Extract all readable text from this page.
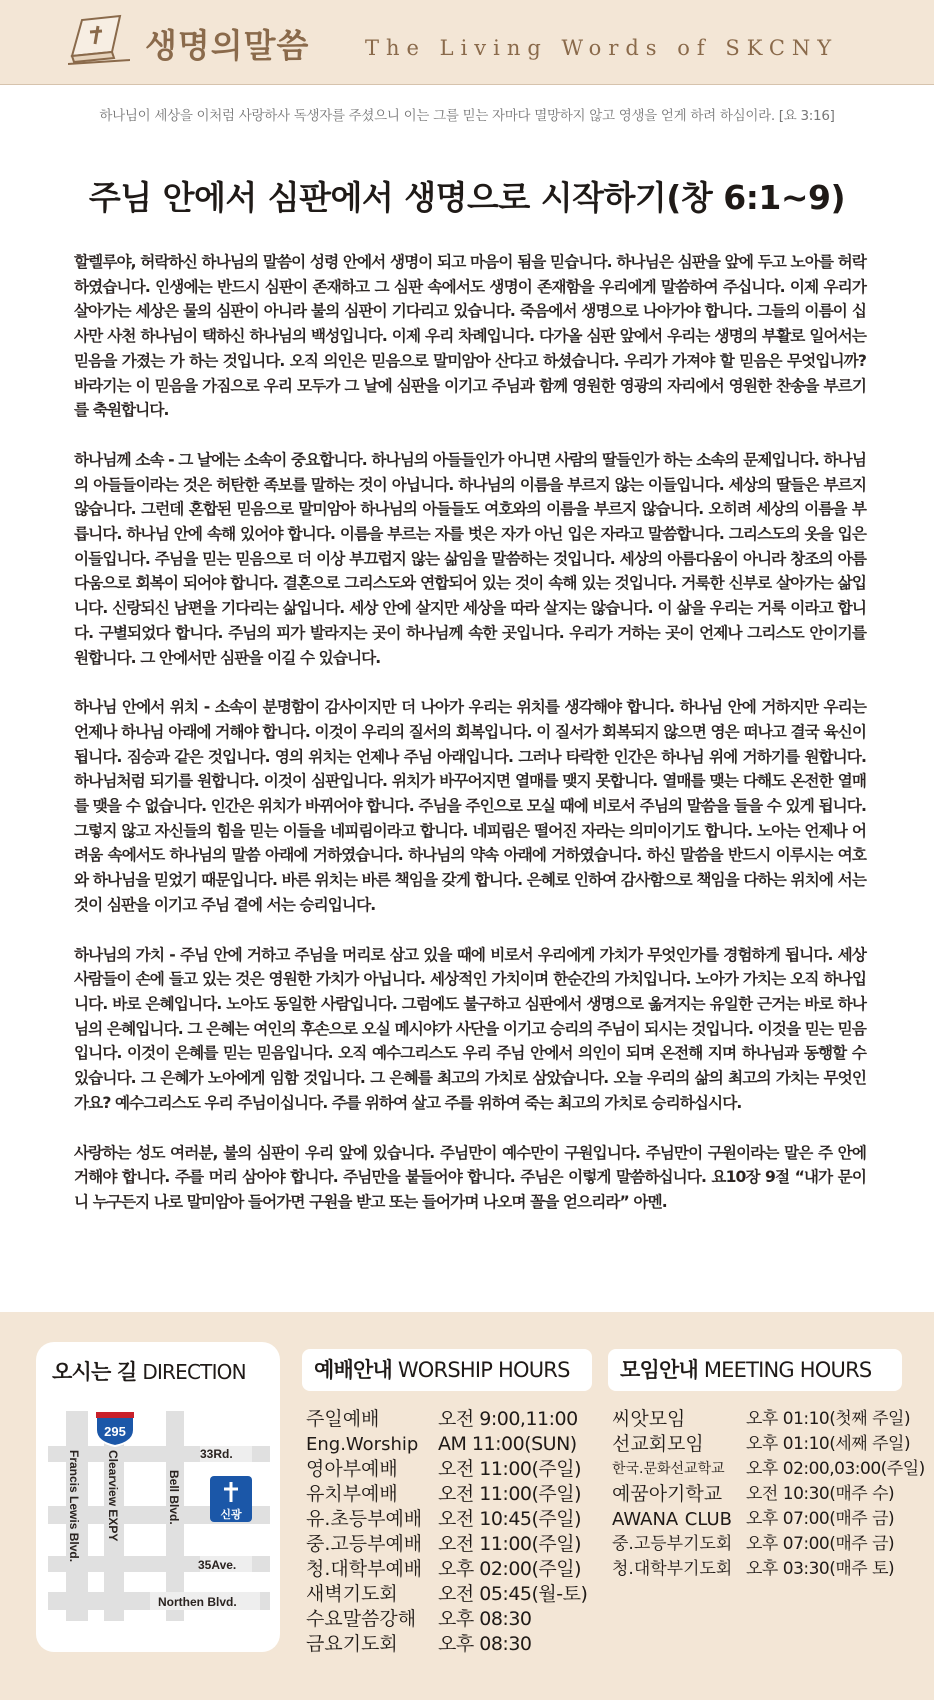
생명의말씀	The Living Words of SKCNY
하나님이 세상을 이처럼 사랑하사 독생자를 주셨으니 이는 그를 믿는 자마다 멸망하지 않고 영생을 얻게 하려 하심이라. [요 3:16]
주님 안에서 심판에서 생명으로 시작하기(창 6:1~9)

할렐루야, 허락하신 하나님의 말씀이 성령 안에서 생명이 되고 마음이 됨을 믿습니다. 하나님은 심판을 앞에 두고 노아를 허락하였습니다. 인생에는 반드시 심판이 존재하고 그 심판 속에서도 생명이 존재함을 우리에게 말씀하여 주십니다. 이제 우리가 살아가는 세상은 물의 심판이 아니라 불의 심판이 기다리고 있습니다. 죽음에서 생명으로 나아가야 합니다. 그들의 이름이 십사만 사천 하나님이 택하신 하나님의 백성입니다. 이제 우리 차례입니다. 다가올 심판 앞에서 우리는 생명의 부활로 일어서는 믿음을 가졌는 가 하는 것입니다. 오직 의인은 믿음으로 말미암아 산다고 하셨습니다. 우리가 가져야 할 믿음은 무엇입니까? 바라기는 이 믿음을 가짐으로 우리 모두가 그 날에 심판을 이기고 주님과 함께 영원한 영광의 자리에서 영원한 찬송을 부르기를 축원합니다.

하나님께 소속 - 그 날에는 소속이 중요합니다. 하나님의 아들들인가 아니면 사람의 딸들인가 하는 소속의 문제입니다. 하나님의 아들들이라는 것은 허탄한 족보를 말하는 것이 아닙니다. 하나님의 이름을 부르지 않는 이들입니다. 세상의 딸들은 부르지 않습니다. 그런데 혼합된 믿음으로 말미암아 하나님의 아들들도 여호와의 이름을 부르지 않습니다. 오히려 세상의 이름을 부릅니다. 하나님 안에 속해 있어야 합니다. 이름을 부르는 자를 벗은 자가 아닌 입은 자라고 말씀합니다. 그리스도의 옷을 입은 이들입니다. 주님을 믿는 믿음으로 더 이상 부끄럽지 않는 삶임을 말씀하는 것입니다. 세상의 아름다움이 아니라 창조의 아름다움으로 회복이 되어야 합니다. 결혼으로 그리스도와 연합되어 있는 것이 속해 있는 것입니다. 거룩한 신부로 살아가는 삶입니다. 신랑되신 남편을 기다리는 삶입니다. 세상 안에 살지만 세상을 따라 살지는 않습니다. 이 삶을 우리는 거룩 이라고 합니다. 구별되었다 합니다. 주님의 피가 발라지는 곳이 하나님께 속한 곳입니다. 우리가 거하는 곳이 언제나 그리스도 안이기를 원합니다. 그 안에서만 심판을 이길 수 있습니다.

하나님 안에서 위치 - 소속이 분명함이 감사이지만 더 나아가 우리는 위치를 생각해야 합니다. 하나님 안에 거하지만 우리는 언제나 하나님 아래에 거해야 합니다. 이것이 우리의 질서의 회복입니다. 이 질서가 회복되지 않으면 영은 떠나고 결국 육신이 됩니다. 짐승과 같은 것입니다. 영의 위치는 언제나 주님 아래입니다. 그러나 타락한 인간은 하나님 위에 거하기를 원합니다. 하나님처럼 되기를 원합니다. 이것이 심판입니다. 위치가 바꾸어지면 열매를 맺지 못합니다. 열매를 맺는 다해도 온전한 열매를 맺을 수 없습니다. 인간은 위치가 바뀌어야 합니다. 주님을 주인으로 모실 때에 비로서 주님의 말씀을 들을 수 있게 됩니다. 그렇지 않고 자신들의 힘을 믿는 이들을 네피림이라고 합니다. 네피림은 떨어진 자라는 의미이기도 합니다. 노아는 언제나 어려움 속에서도 하나님의 말씀 아래에 거하였습니다. 하나님의 약속 아래에 거하였습니다. 하신 말씀을 반드시 이루시는 여호와 하나님을 믿었기 때문입니다. 바른 위치는 바른 책임을 갖게 합니다. 은혜로 인하여 감사함으로 책임을 다하는 위치에 서는 것이 심판을 이기고 주님 곁에 서는 승리입니다.

하나님의 가치 - 주님 안에 거하고 주님을 머리로 삼고 있을 때에 비로서 우리에게 가치가 무엇인가를 경험하게 됩니다. 세상 사람들이 손에 들고 있는 것은 영원한 가치가 아닙니다. 세상적인 가치이며 한순간의 가치입니다. 노아가 가치는 오직 하나입니다. 바로 은혜입니다. 노아도 동일한 사람입니다. 그럼에도 불구하고 심판에서 생명으로 옮겨지는 유일한 근거는 바로 하나님의 은혜입니다. 그 은혜는 여인의 후손으로 오실 메시야가 사단을 이기고 승리의 주님이 되시는 것입니다. 이것을 믿는 믿음입니다. 이것이 은혜를 믿는 믿음입니다. 오직 예수그리스도 우리 주님 안에서 의인이 되며 온전해 지며 하나님과 동행할 수 있습니다. 그 은혜가 노아에게 임함 것입니다. 그 은혜를 최고의 가치로 삼았습니다. 오늘 우리의 삶의 최고의 가치는 무엇인가요? 예수그리스도 우리 주님이십니다. 주를 위하여 살고 주를 위하여 죽는 최고의 가치로 승리하십시다.

사랑하는 성도 여러분, 불의 심판이 우리 앞에 있습니다. 주님만이 예수만이 구원입니다. 주님만이 구원이라는 말은 주 안에 거해야 합니다. 주를 머리 삼아야 합니다. 주님만을 붙들어야 합니다. 주님은 이렇게 말씀하십니다. 요10장 9절 “내가 문이니 누구든지 나로 말미암아 들어가면 구원을 받고 또는 들어가며 나오며 꼴을 얻으리라” 아멘.

오시는 길 DIRECTION
295
33Rd.
35Ave.
Northen Blvd.
Bell Blvd.
Clearview EXPY
Francis Lewis Blvd.	신광
예배안내 WORSHIP HOURS
주일예배	오전 9:00,11:00
Eng.Worship AM 11:00(SUN)
영아부예배	오전 11:00(주일)
유치부예배	오전 11:00(주일)
유.초등부예배 오전 10:45(주일)
중.고등부예배 오전 11:00(주일)
청.대학부예배 오후 02:00(주일)
새벽기도회	오전 05:45(월-토)
수요말씀강해	오후 08:30
금요기도회	오후 08:30
모임안내 MEETING HOURS
씨앗모임	오후 01:10(첫째 주일)
선교회모임	오후 01:10(세째 주일)
한국.문화선교학교	오후 02:00,03:00(주일)
예꿈아기학교	오전 10:30(매주 수)
AWANA CLUB 오후 07:00(매주 금)
중.고등부기도회 오후 07:00(매주 금)
청.대학부기도회 오후 03:30(매주 토)
